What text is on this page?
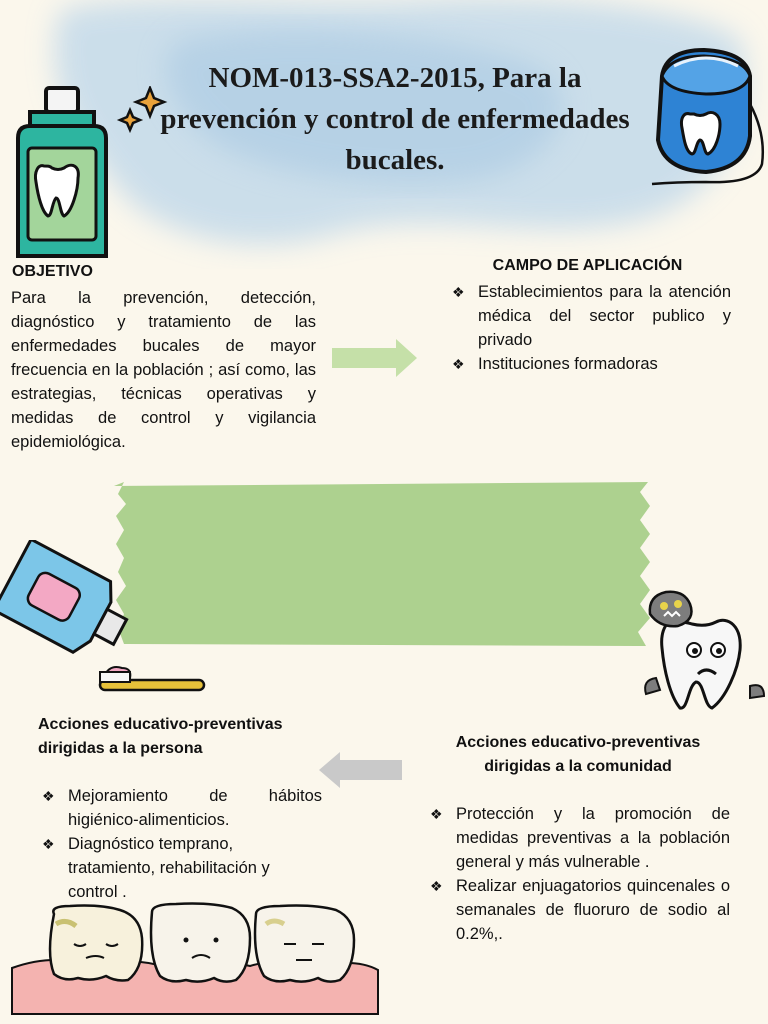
NOM-013-SSA2-2015, Para la prevención y control de enfermedades bucales.
OBJETIVO
Para la prevención, detección, diagnóstico y tratamiento de las enfermedades bucales de mayor frecuencia en la población ; así como, las estrategias, técnicas operativas y medidas de control y vigilancia epidemiológica.
CAMPO DE APLICACIÓN
❖ Establecimientos para la atención médica del sector publico y privado
❖ Instituciones formadoras
Acciones educativo-preventivas dirigidas a la persona
❖ Mejoramiento de hábitos higiénico-alimenticios.
❖ Diagnóstico temprano, tratamiento, rehabilitación y control .
Acciones educativo-preventivas dirigidas a la comunidad
❖ Protección y la promoción de medidas preventivas a la población general y más vulnerable .
❖ Realizar enjuagatorios quincenales o semanales de fluoruro de sodio al 0.2%,.
